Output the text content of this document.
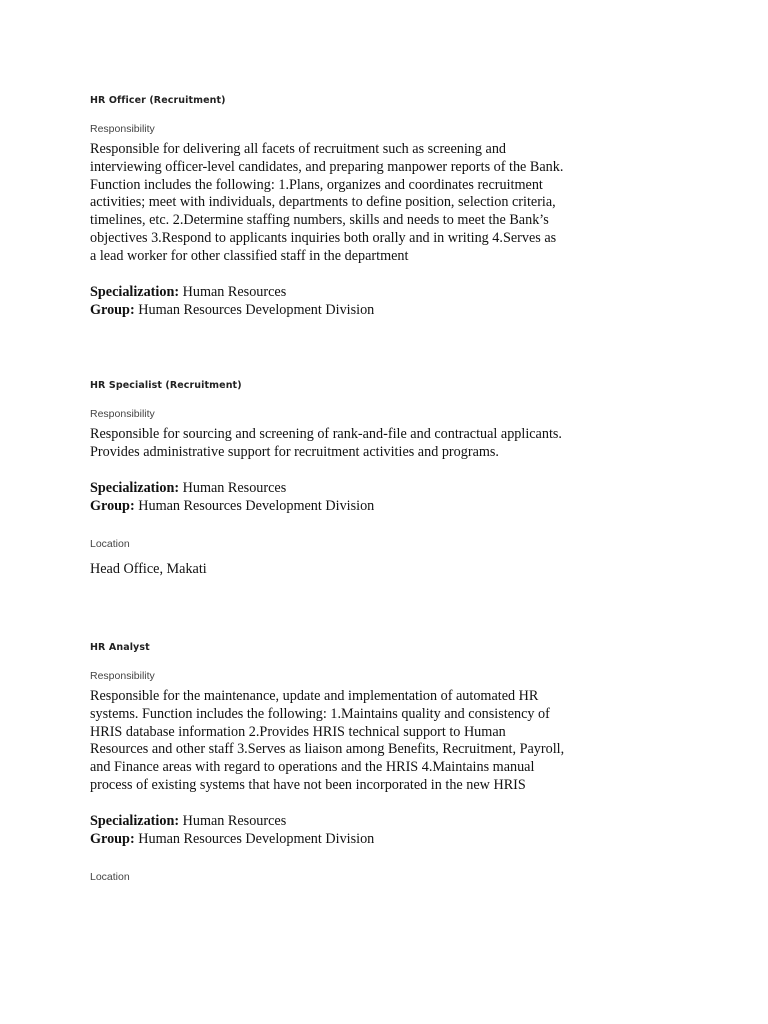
HR Officer (Recruitment)

Responsibility

Responsible for delivering all facets of recruitment such as screening and interviewing officer-level candidates, and preparing manpower reports of the Bank. Function includes the following: 1.Plans, organizes and coordinates recruitment activities; meet with individuals, departments to define position, selection criteria, timelines, etc. 2.Determine staffing numbers, skills and needs to meet the Bank’s objectives 3.Respond to applicants inquiries both orally and in writing 4.Serves as a lead worker for other classified staff in the department

Specialization: Human Resources

Group: Human Resources Development Division

HR Specialist (Recruitment)

Responsibility

Responsible for sourcing and screening of rank-and-file and contractual applicants. Provides administrative support for recruitment activities and programs.

Specialization: Human Resources

Group: Human Resources Development Division

Location

Head Office, Makati

HR Analyst

Responsibility

Responsible for the maintenance, update and implementation of automated HR systems. Function includes the following: 1.Maintains quality and consistency of HRIS database information 2.Provides HRIS technical support to Human Resources and other staff 3.Serves as liaison among Benefits, Recruitment, Payroll, and Finance areas with regard to operations and the HRIS 4.Maintains manual process of existing systems that have not been incorporated in the new HRIS

Specialization: Human Resources

Group: Human Resources Development Division

Location
